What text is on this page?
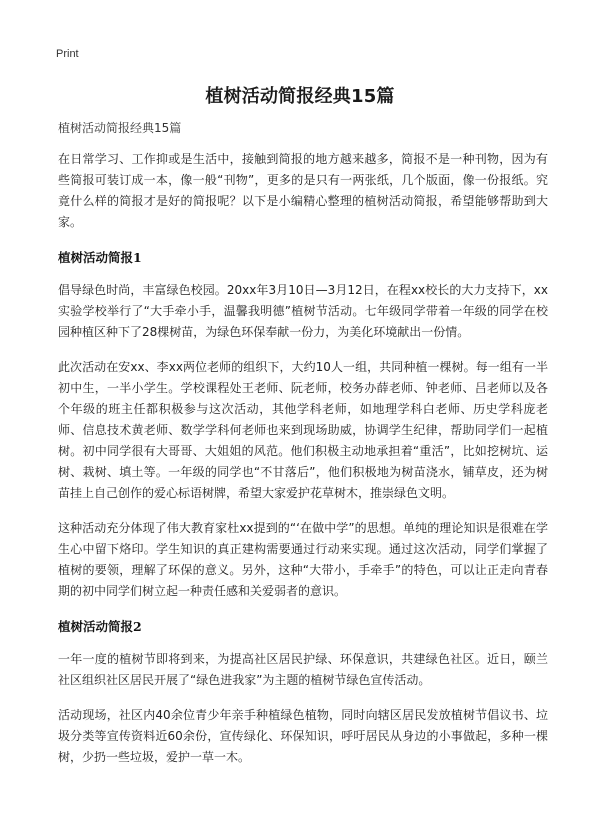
Print
植树活动简报经典15篇

植树活动简报经典15篇

在日常学习、工作抑或是生活中，接触到简报的地方越来越多，简报不是一种刊物，因为有些简报可装订成一本，像一般“刊物”，更多的是只有一两张纸，几个版面，像一份报纸。究竟什么样的简报才是好的简报呢？以下是小编精心整理的植树活动简报，希望能够帮助到大家。

植树活动简报1

倡导绿色时尚，丰富绿色校园。20xx年3月10日—3月12日，在程xx校长的大力支持下，xx实验学校举行了“大手牵小手，温馨我明德”植树节活动。七年级同学带着一年级的同学在校园种植区种下了28棵树苗，为绿色环保奉献一份力，为美化环境献出一份情。

此次活动在安xx、李xx两位老师的组织下，大约10人一组，共同种植一棵树。每一组有一半初中生，一半小学生。学校课程处王老师、阮老师，校务办薛老师、钟老师、吕老师以及各个年级的班主任都积极参与这次活动，其他学科老师，如地理学科白老师、历史学科庞老师、信息技术黄老师、数学学科何老师也来到现场助威，协调学生纪律，帮助同学们一起植树。初中同学很有大哥哥、大姐姐的风范。他们积极主动地承担着“重活”，比如挖树坑、运树、栽树、填土等。一年级的同学也“不甘落后”，他们积极地为树苗浇水，铺草皮，还为树苗挂上自己创作的爱心标语树牌，希望大家爱护花草树木，推崇绿色文明。

这种活动充分体现了伟大教育家杜xx提到的“‘在做中学”的思想。单纯的理论知识是很难在学生心中留下烙印。学生知识的真正建构需要通过行动来实现。通过这次活动，同学们掌握了植树的要领，理解了环保的意义。另外，这种“大带小，手牵手”的特色，可以让正走向青春期的初中同学们树立起一种责任感和关爱弱者的意识。

植树活动简报2

一年一度的植树节即将到来，为提高社区居民护绿、环保意识，共建绿色社区。近日，颐兰社区组织社区居民开展了“绿色进我家”为主题的植树节绿色宣传活动。

活动现场，社区内40余位青少年亲手种植绿色植物，同时向辖区居民发放植树节倡议书、垃圾分类等宣传资料近60余份，宣传绿化、环保知识，呼吁居民从身边的小事做起，多种一棵树，少扔一些垃圾，爱护一草一木。
